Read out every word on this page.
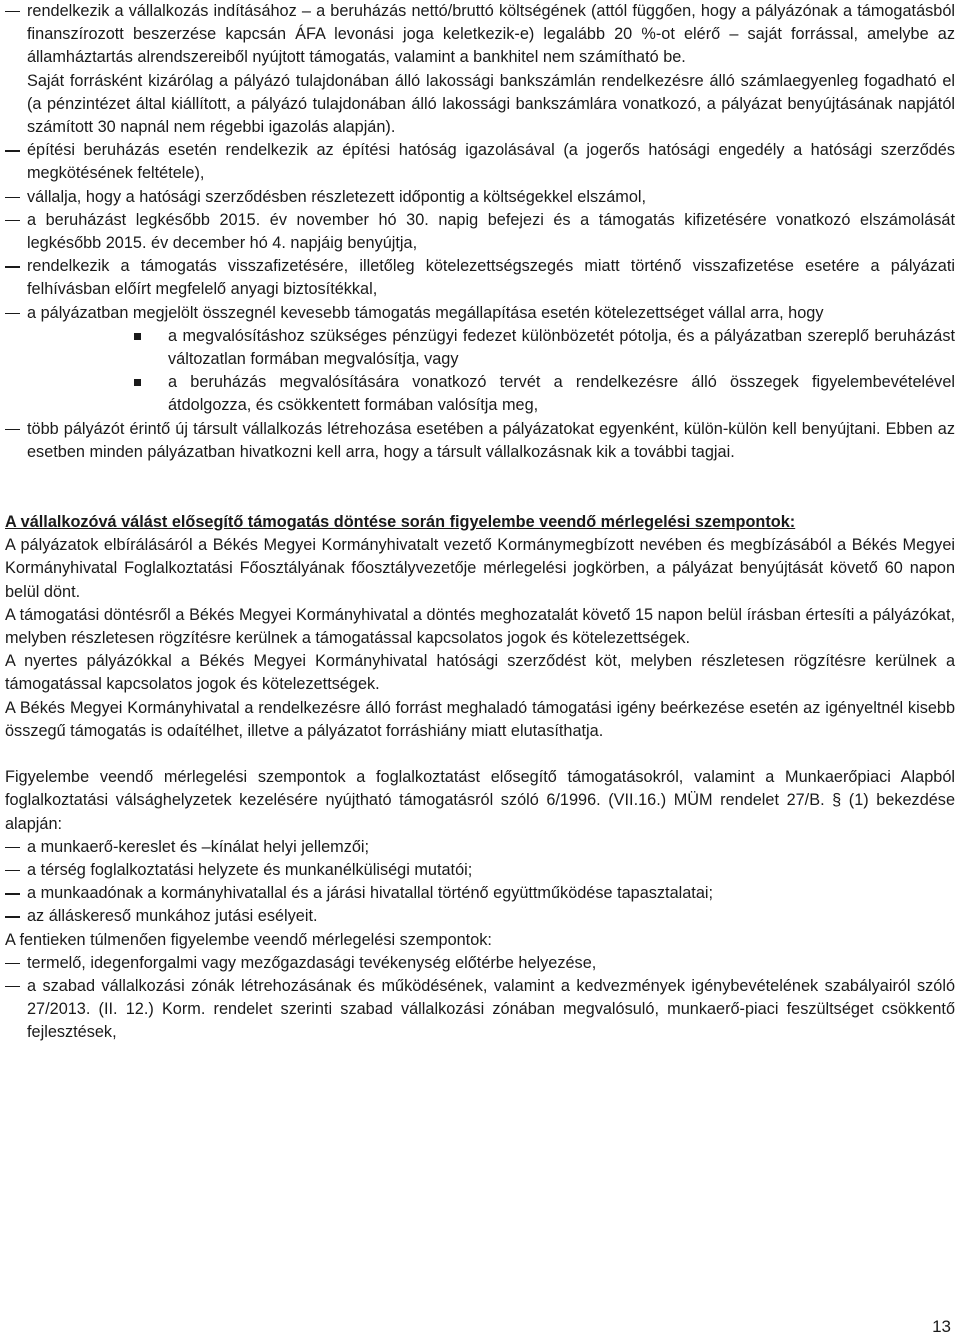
rendelkezik a vállalkozás indításához – a beruházás nettó/bruttó költségének (attól függően, hogy a pályázónak a támogatásból finanszírozott beszerzése kapcsán ÁFA levonási joga keletkezik-e) legalább 20 %-ot elérő – saját forrással, amelybe az államháztartás alrendszereiből nyújtott támogatás, valamint a bankhitel nem számítható be.

Saját forrásként kizárólag a pályázó tulajdonában álló lakossági bankszámlán rendelkezésre álló számlaegyenleg fogadható el (a pénzintézet által kiállított, a pályázó tulajdonában álló lakossági bankszámlára vonatkozó, a pályázat benyújtásának napjától számított 30 napnál nem régebbi igazolás alapján).

építési beruházás esetén rendelkezik az építési hatóság igazolásával (a jogerős hatósági engedély a hatósági szerződés megkötésének feltétele),
vállalja, hogy a hatósági szerződésben részletezett időpontig a költségekkel elszámol,
a beruházást legkésőbb 2015. év november hó 30. napig befejezi és a támogatás kifizetésére vonatkozó elszámolását legkésőbb 2015. év december hó 4. napjáig benyújtja,
rendelkezik a támogatás visszafizetésére, illetőleg kötelezettségszegés miatt történő visszafizetése esetére a pályázati felhívásban előírt megfelelő anyagi biztosítékkal,
a pályázatban megjelölt összegnél kevesebb támogatás megállapítása esetén kötelezettséget vállal arra, hogy
a megvalósításhoz szükséges pénzügyi fedezet különbözetét pótolja, és a pályázatban szereplő beruházást változatlan formában megvalósítja, vagy
a beruházás megvalósítására vonatkozó tervét a rendelkezésre álló összegek figyelembevételével átdolgozza, és csökkentett formában valósítja meg,
több pályázót érintő új társult vállalkozás létrehozása esetében a pályázatokat egyenként, külön-külön kell benyújtani. Ebben az esetben minden pályázatban hivatkozni kell arra, hogy a társult vállalkozásnak kik a további tagjai.

A vállalkozóvá válást elősegítő támogatás döntése során figyelembe veendő mérlegelési szempontok:

A pályázatok elbírálásáról a Békés Megyei Kormányhivatalt vezető Kormánymegbízott nevében és megbízásából a Békés Megyei Kormányhivatal Foglalkoztatási Főosztályának főosztályvezetője mérlegelési jogkörben, a pályázat benyújtását követő 60 napon belül dönt.

A támogatási döntésről a Békés Megyei Kormányhivatal a döntés meghozatalát követő 15 napon belül írásban értesíti a pályázókat, melyben részletesen rögzítésre kerülnek a támogatással kapcsolatos jogok és kötelezettségek.

A nyertes pályázókkal a Békés Megyei Kormányhivatal hatósági szerződést köt, melyben részletesen rögzítésre kerülnek a támogatással kapcsolatos jogok és kötelezettségek.

A Békés Megyei Kormányhivatal a rendelkezésre álló forrást meghaladó támogatási igény beérkezése esetén az igényeltnél kisebb összegű támogatás is odaítélhet, illetve a pályázatot forráshiány miatt elutasíthatja.

Figyelembe veendő mérlegelési szempontok a foglalkoztatást elősegítő támogatásokról, valamint a Munkaerőpiaci Alapból foglalkoztatási válsághelyzetek kezelésére nyújtható támogatásról szóló 6/1996. (VII.16.) MÜM rendelet 27/B. § (1) bekezdése alapján:

a munkaerő-kereslet és –kínálat helyi jellemzői;
a térség foglalkoztatási helyzete és munkanélküliségi mutatói;
a munkaadónak a kormányhivatallal és a járási hivatallal történő együttműködése tapasztalatai;
az álláskereső munkához jutási esélyeit.

A fentieken túlmenően figyelembe veendő mérlegelési szempontok:

termelő, idegenforgalmi vagy mezőgazdasági tevékenység előtérbe helyezése,
a szabad vállalkozási zónák létrehozásának és működésének, valamint a kedvezmények igénybevételének szabályairól szóló 27/2013. (II. 12.) Korm. rendelet szerinti szabad vállalkozási zónában megvalósuló, munkaerő-piaci feszültséget csökkentő fejlesztések,
13
